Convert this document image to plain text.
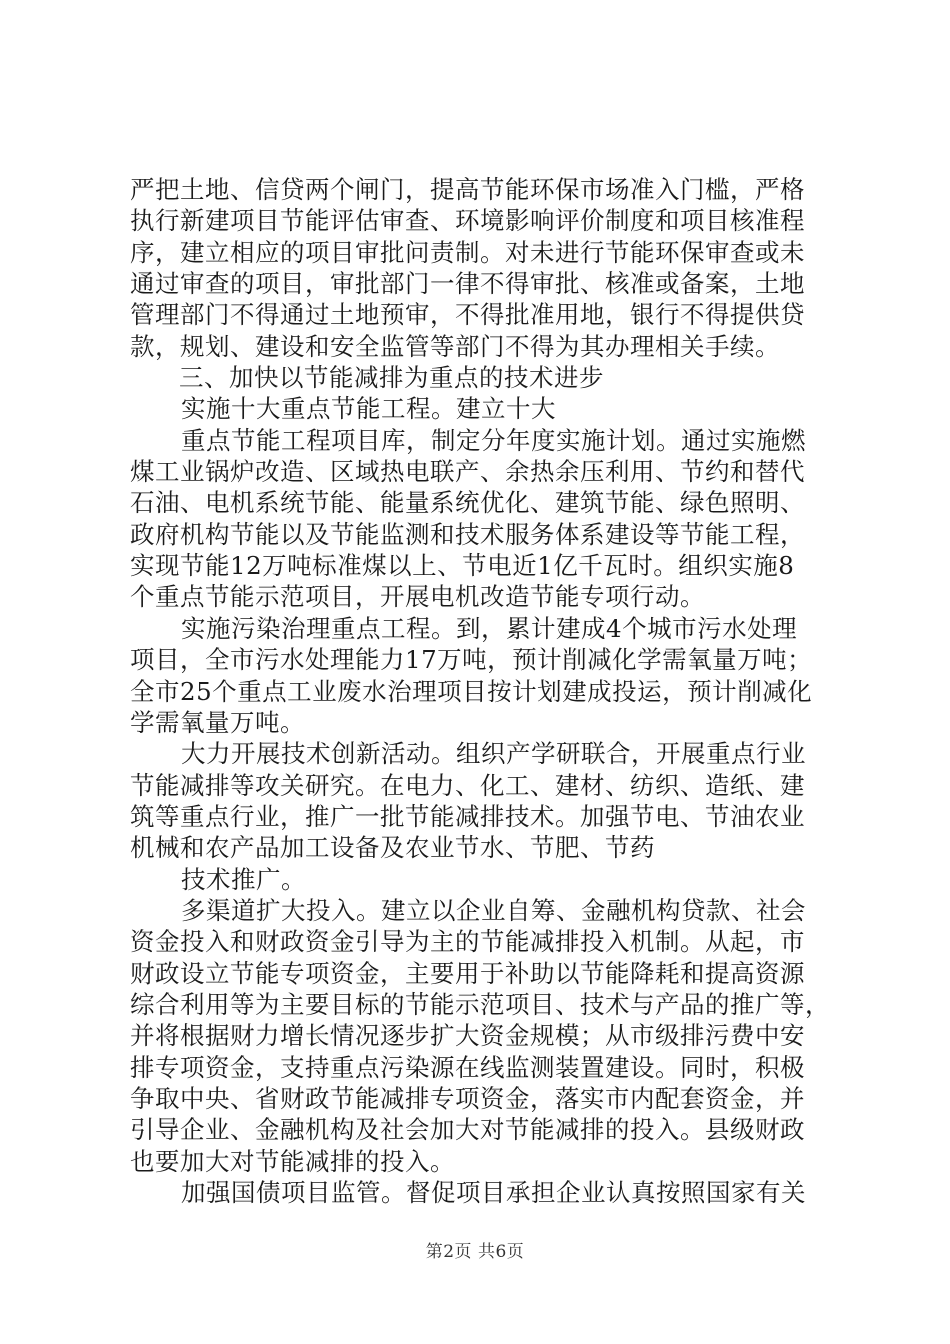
严把土地、信贷两个闸门，提高节能环保市场准入门槛，严格
执行新建项目节能评估审查、环境影响评价制度和项目核准程
序，建立相应的项目审批问责制。对未进行节能环保审查或未
通过审查的项目，审批部门一律不得审批、核准或备案，土地
管理部门不得通过土地预审，不得批准用地，银行不得提供贷
款，规划、建设和安全监管等部门不得为其办理相关手续。
三、加快以节能减排为重点的技术进步
实施十大重点节能工程。建立十大
重点节能工程项目库，制定分年度实施计划。通过实施燃
煤工业锅炉改造、区域热电联产、余热余压利用、节约和替代
石油、电机系统节能、能量系统优化、建筑节能、绿色照明、
政府机构节能以及节能监测和技术服务体系建设等节能工程，
实现节能12万吨标准煤以上、节电近1亿千瓦时。组织实施8
个重点节能示范项目，开展电机改造节能专项行动。
实施污染治理重点工程。到，累计建成4个城市污水处理
项目，全市污水处理能力17万吨，预计削减化学需氧量万吨；
全市25个重点工业废水治理项目按计划建成投运，预计削减化
学需氧量万吨。
大力开展技术创新活动。组织产学研联合，开展重点行业
节能减排等攻关研究。在电力、化工、建材、纺织、造纸、建
筑等重点行业，推广一批节能减排技术。加强节电、节油农业
机械和农产品加工设备及农业节水、节肥、节药
技术推广。
多渠道扩大投入。建立以企业自筹、金融机构贷款、社会
资金投入和财政资金引导为主的节能减排投入机制。从起，市
财政设立节能专项资金，主要用于补助以节能降耗和提高资源
综合利用等为主要目标的节能示范项目、技术与产品的推广等，
并将根据财力增长情况逐步扩大资金规模；从市级排污费中安
排专项资金，支持重点污染源在线监测装置建设。同时，积极
争取中央、省财政节能减排专项资金，落实市内配套资金，并
引导企业、金融机构及社会加大对节能减排的投入。县级财政
也要加大对节能减排的投入。
加强国债项目监管。督促项目承担企业认真按照国家有关
第2页 共6页
